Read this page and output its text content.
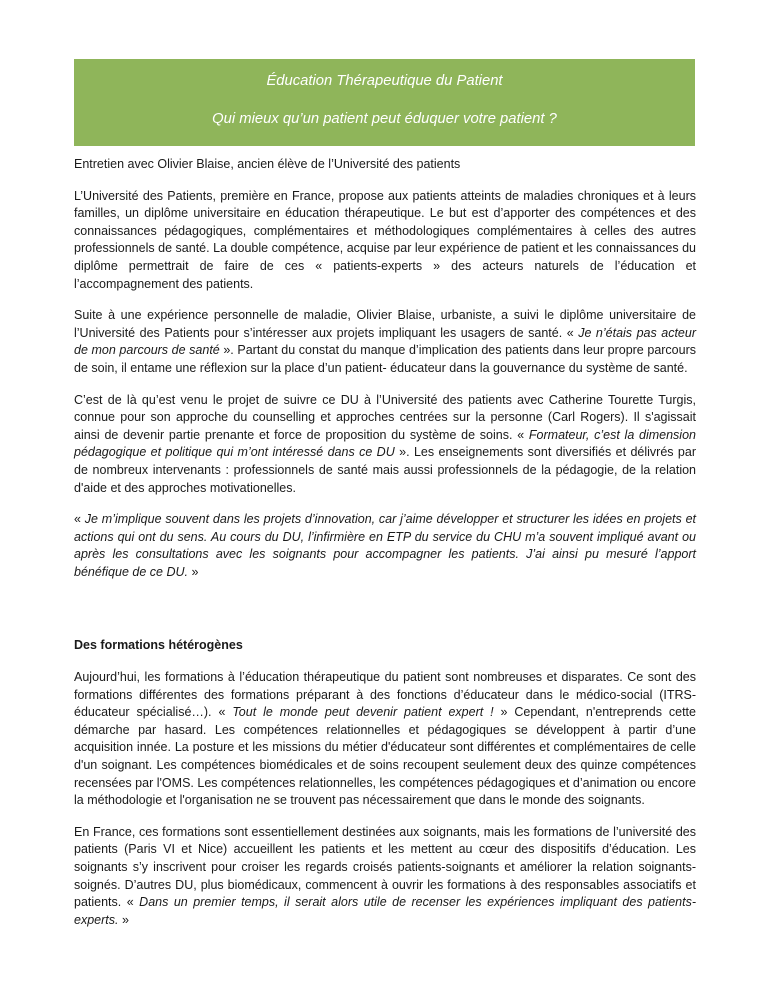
Éducation Thérapeutique du Patient
Qui mieux qu’un patient peut éduquer votre patient ?

Entretien avec Olivier Blaise, ancien élève de l’Université des patients

L’Université des Patients, première en France, propose aux patients atteints de maladies chroniques et à leurs familles, un diplôme universitaire en éducation thérapeutique. Le but est d’apporter des compétences et des connaissances pédagogiques, complémentaires et méthodologiques complémentaires à celles des autres professionnels de santé. La double compétence, acquise par leur expérience de patient et les connaissances du diplôme permettrait de faire de ces « patients-experts » des acteurs naturels de l’éducation et l’accompagnement des patients.

Suite à une expérience personnelle de maladie, Olivier Blaise, urbaniste, a suivi le diplôme universitaire de l’Université des Patients pour s’intéresser aux projets impliquant les usagers de santé. « Je n’étais pas acteur de mon parcours de santé ». Partant du constat du manque d’implication des patients dans leur propre parcours de soin, il entame une réflexion sur la place d’un patient- éducateur dans la gouvernance du système de santé.

C’est de là qu’est venu le projet de suivre ce DU à l’Université des patients avec Catherine Tourette Turgis, connue pour son approche du counselling et approches centrées sur la personne (Carl Rogers). Il s'agissait ainsi de devenir partie prenante et force de proposition du système de soins. « Formateur, c’est la dimension pédagogique et politique qui m’ont intéressé dans ce DU ». Les enseignements sont diversifiés et délivrés par de nombreux intervenants : professionnels de santé mais aussi professionnels de la pédagogie, de la relation d'aide et des approches motivationelles.

« Je m’implique souvent dans les projets d’innovation, car j’aime développer et structurer les idées en projets et actions qui ont du sens. Au cours du DU, l’infirmière en ETP du service du CHU m’a souvent impliqué avant ou après les consultations avec les soignants pour accompagner les patients. J’ai ainsi pu mesuré l’apport bénéfique de ce DU. »

Des formations hétérogènes

Aujourd’hui, les formations à l’éducation thérapeutique du patient sont nombreuses et disparates. Ce sont des formations différentes des formations préparant à des fonctions d’éducateur dans le médico-social (ITRS-éducateur spécialisé…). « Tout le monde peut devenir patient expert ! » Cependant, n'entreprends cette démarche par hasard. Les compétences relationnelles et pédagogiques se développent à partir d’une acquisition innée. La posture et les missions du métier d'éducateur sont différentes et complémentaires de celle d'un soignant. Les compétences biomédicales et de soins recoupent seulement deux des quinze compétences recensées par l'OMS. Les compétences relationnelles, les compétences pédagogiques et d’animation ou encore la méthodologie et l'organisation ne se trouvent pas nécessairement que dans le monde des soignants.

En France, ces formations sont essentiellement destinées aux soignants, mais les formations de l’université des patients (Paris VI et Nice) accueillent les patients et les mettent au cœur des dispositifs d’éducation. Les soignants s’y inscrivent pour croiser les regards croisés patients-soignants et améliorer la relation soignants-soignés. D’autres DU, plus biomédicaux, commencent à ouvrir les formations à des responsables associatifs et patients. « Dans un premier temps, il serait alors utile de recenser les expériences impliquant des patients-experts. »
